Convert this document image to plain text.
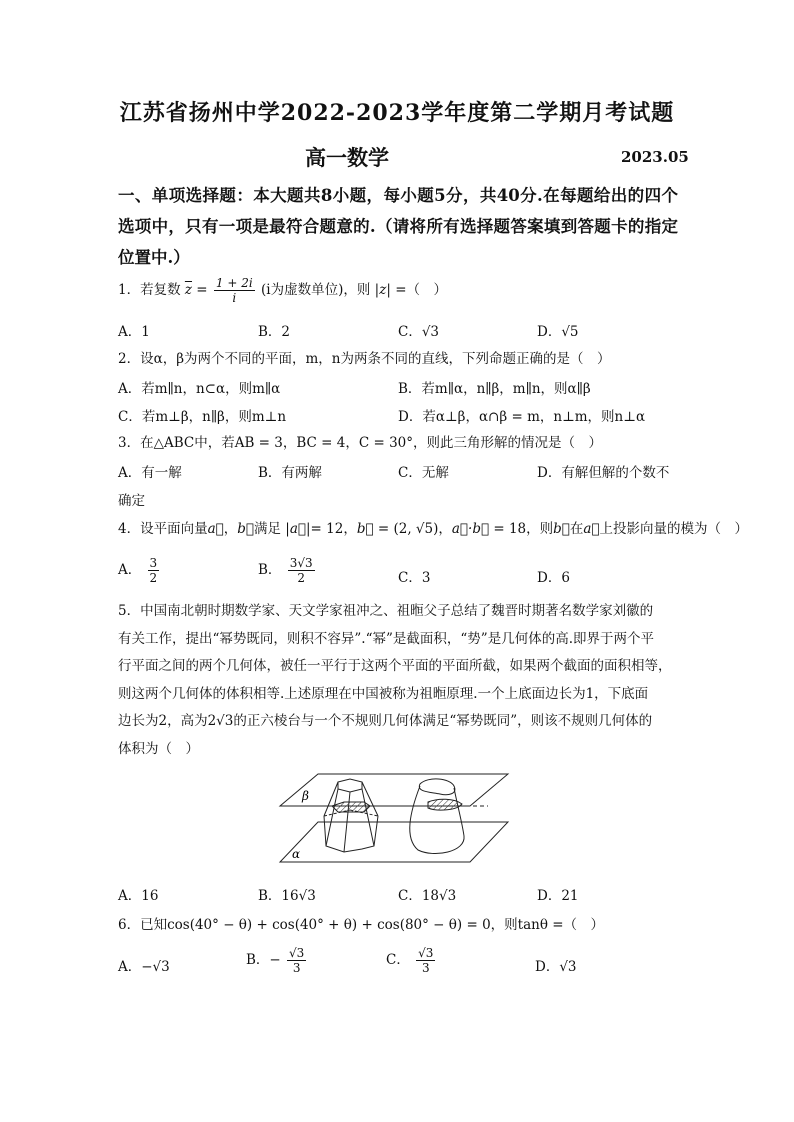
江苏省扬州中学2022-2023学年度第二学期月考试题
高一数学	2023.05
一、单项选择题：本大题共8小题，每小题5分，共40分.在每题给出的四个选项中，只有一项是最符合题意的.（请将所有选择题答案填到答题卡的指定位置中.）
1．若复数 $\overline{z} = \frac{1 + 2i}{i} (i$为虚数单位)，则 |z| =（　）
A．1	B．2	C．√3	D．√5
2．设α，β为两个不同的平面，m，n为两条不同的直线，下列命题正确的是（　）
A．若m∥n，n⊂α，则m∥α	B．若m∥α，n∥β，m∥n，则α∥β
C．若m⊥β，n∥β，则m⊥n	D．若α⊥β，α∩β = m，n⊥m，则n⊥α
3．在△ABC中，若AB = 3，BC = 4，C = 30°，则此三角形解的情况是（　）
A．有一解	B．有两解	C．无解	D．有解但解的个数不
确定
4．设平面向量a⃗，b⃗满足 |a⃗|= 12，b⃗ = (2, √5)，a⃗·b⃗ = 18，则b⃗在a⃗上投影向量的模为（　）
A． $\frac{3}{2}$	B． $\frac{3√3}{2}$	C．3	D．6
5．中国南北朝时期数学家、天文学家祖冲之、祖暅父子总结了魏晋时期著名数学家刘徽的
有关工作，提出“幂势既同，则积不容异”.“幂”是截面积，“势”是几何体的高.即界于两个平
行平面之间的两个几何体，被任一平行于这两个平面的平面所截，如果两个截面的面积相等，
则这两个几何体的体积相等.上述原理在中国被称为祖暅原理.一个上底面边长为1，下底面
边长为2，高为2√3的正六棱台与一个不规则几何体满足“幂势既同”，则该不规则几何体的
体积为（　）
β
α
A．16	B．16√3	C．18√3	D．21
6．已知cos(40° − θ) + cos(40° + θ) + cos(80° − θ) = 0，则tanθ =（　）
A．−√3	B．− $\frac{√3}{3}$	C． $\frac{√3}{3}$	D．√3
